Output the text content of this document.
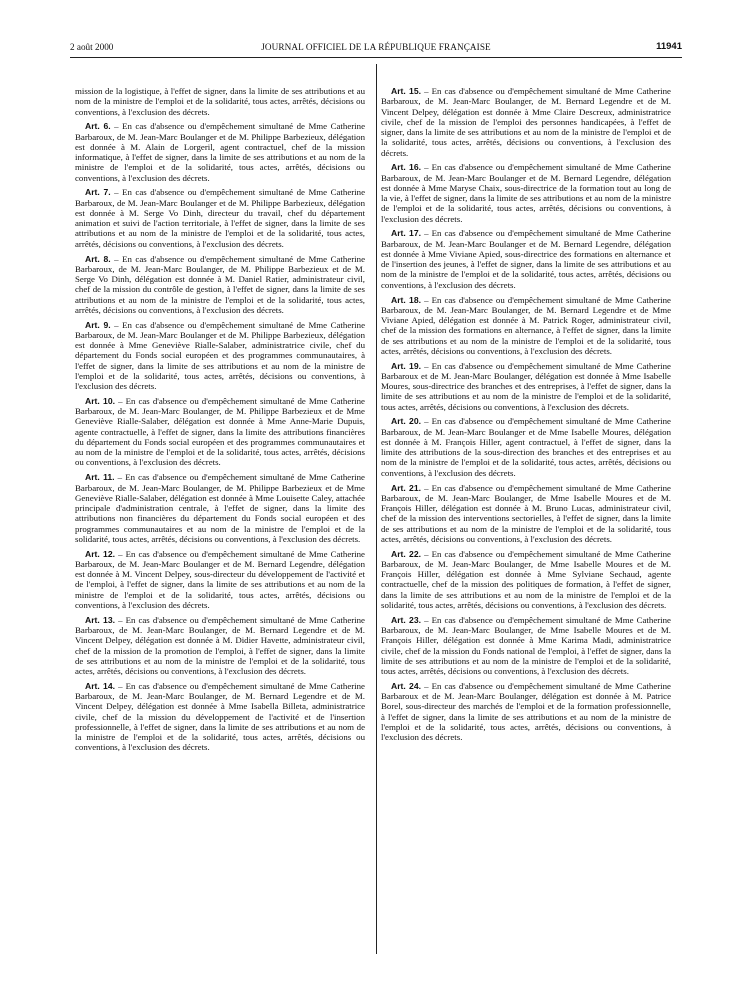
2 août 2000	JOURNAL OFFICIEL DE LA RÉPUBLIQUE FRANÇAISE	11941

mission de la logistique, à l'effet de signer, dans la limite de ses attributions et au nom de la ministre de l'emploi et de la solidarité, tous actes, arrêtés, décisions ou conventions, à l'exclusion des décrets.

Art. 6. – En cas d'absence ou d'empêchement simultané de Mme Catherine Barbaroux, de M. Jean-Marc Boulanger et de M. Philippe Barbezieux, délégation est donnée à M. Alain de Lorgeril, agent contractuel, chef de la mission informatique, à l'effet de signer, dans la limite de ses attributions et au nom de la ministre de l'emploi et de la solidarité, tous actes, arrêtés, décisions ou conventions, à l'exclusion des décrets.

Art. 7. – En cas d'absence ou d'empêchement simultané de Mme Catherine Barbaroux, de M. Jean-Marc Boulanger et de M. Philippe Barbezieux, délégation est donnée à M. Serge Vo Dinh, directeur du travail, chef du département animation et suivi de l'action territoriale, à l'effet de signer, dans la limite de ses attributions et au nom de la ministre de l'emploi et de la solidarité, tous actes, arrêtés, décisions ou conventions, à l'exclusion des décrets.

Art. 8. – En cas d'absence ou d'empêchement simultané de Mme Catherine Barbaroux, de M. Jean-Marc Boulanger, de M. Philippe Barbezieux et de M. Serge Vo Dinh, délégation est donnée à M. Daniel Ratier, administrateur civil, chef de la mission du contrôle de gestion, à l'effet de signer, dans la limite de ses attributions et au nom de la ministre de l'emploi et de la solidarité, tous actes, arrêtés, décisions ou conventions, à l'exclusion des décrets.

Art. 9. – En cas d'absence ou d'empêchement simultané de Mme Catherine Barbaroux, de M. Jean-Marc Boulanger et de M. Philippe Barbezieux, délégation est donnée à Mme Geneviève Rialle-Salaber, administratrice civile, chef du département du Fonds social européen et des programmes communautaires, à l'effet de signer, dans la limite de ses attributions et au nom de la ministre de l'emploi et de la solidarité, tous actes, arrêtés, décisions ou conventions, à l'exclusion des décrets.

Art. 10. – En cas d'absence ou d'empêchement simultané de Mme Catherine Barbaroux, de M. Jean-Marc Boulanger, de M. Philippe Barbezieux et de Mme Geneviève Rialle-Salaber, délégation est donnée à Mme Anne-Marie Dupuis, agente contractuelle, à l'effet de signer, dans la limite des attributions financières du département du Fonds social européen et des programmes communautaires et au nom de la ministre de l'emploi et de la solidarité, tous actes, arrêtés, décisions ou conventions, à l'exclusion des décrets.

Art. 11. – En cas d'absence ou d'empêchement simultané de Mme Catherine Barbaroux, de M. Jean-Marc Boulanger, de M. Philippe Barbezieux et de Mme Geneviève Rialle-Salaber, délégation est donnée à Mme Louisette Caley, attachée principale d'administration centrale, à l'effet de signer, dans la limite des attributions non financières du département du Fonds social européen et des programmes communautaires et au nom de la ministre de l'emploi et de la solidarité, tous actes, arrêtés, décisions ou conventions, à l'exclusion des décrets.

Art. 12. – En cas d'absence ou d'empêchement simultané de Mme Catherine Barbaroux, de M. Jean-Marc Boulanger et de M. Bernard Legendre, délégation est donnée à M. Vincent Delpey, sous-directeur du développement de l'activité et de l'emploi, à l'effet de signer, dans la limite de ses attributions et au nom de la ministre de l'emploi et de la solidarité, tous actes, arrêtés, décisions ou conventions, à l'exclusion des décrets.

Art. 13. – En cas d'absence ou d'empêchement simultané de Mme Catherine Barbaroux, de M. Jean-Marc Boulanger, de M. Bernard Legendre et de M. Vincent Delpey, délégation est donnée à M. Didier Havette, administrateur civil, chef de la mission de la promotion de l'emploi, à l'effet de signer, dans la limite de ses attributions et au nom de la ministre de l'emploi et de la solidarité, tous actes, arrêtés, décisions ou conventions, à l'exclusion des décrets.

Art. 14. – En cas d'absence ou d'empêchement simultané de Mme Catherine Barbaroux, de M. Jean-Marc Boulanger, de M. Bernard Legendre et de M. Vincent Delpey, délégation est donnée à Mme Isabella Billeta, administratrice civile, chef de la mission du développement de l'activité et de l'insertion professionnelle, à l'effet de signer, dans la limite de ses attributions et au nom de la ministre de l'emploi et de la solidarité, tous actes, arrêtés, décisions ou conventions, à l'exclusion des décrets.

Art. 15. – En cas d'absence ou d'empêchement simultané de Mme Catherine Barbaroux, de M. Jean-Marc Boulanger, de M. Bernard Legendre et de M. Vincent Delpey, délégation est donnée à Mme Claire Descreux, administratrice civile, chef de la mission de l'emploi des personnes handicapées, à l'effet de signer, dans la limite de ses attributions et au nom de la ministre de l'emploi et de la solidarité, tous actes, arrêtés, décisions ou conventions, à l'exclusion des décrets.

Art. 16. – En cas d'absence ou d'empêchement simultané de Mme Catherine Barbaroux, de M. Jean-Marc Boulanger et de M. Bernard Legendre, délégation est donnée à Mme Maryse Chaix, sous-directrice de la formation tout au long de la vie, à l'effet de signer, dans la limite de ses attributions et au nom de la ministre de l'emploi et de la solidarité, tous actes, arrêtés, décisions ou conventions, à l'exclusion des décrets.

Art. 17. – En cas d'absence ou d'empêchement simultané de Mme Catherine Barbaroux, de M. Jean-Marc Boulanger et de M. Bernard Legendre, délégation est donnée à Mme Viviane Apied, sous-directrice des formations en alternance et de l'insertion des jeunes, à l'effet de signer, dans la limite de ses attributions et au nom de la ministre de l'emploi et de la solidarité, tous actes, arrêtés, décisions ou conventions, à l'exclusion des décrets.

Art. 18. – En cas d'absence ou d'empêchement simultané de Mme Catherine Barbaroux, de M. Jean-Marc Boulanger, de M. Bernard Legendre et de Mme Viviane Apied, délégation est donnée à M. Patrick Roger, administrateur civil, chef de la mission des formations en alternance, à l'effet de signer, dans la limite de ses attributions et au nom de la ministre de l'emploi et de la solidarité, tous actes, arrêtés, décisions ou conventions, à l'exclusion des décrets.

Art. 19. – En cas d'absence ou d'empêchement simultané de Mme Catherine Barbaroux et de M. Jean-Marc Boulanger, délégation est donnée à Mme Isabelle Moures, sous-directrice des branches et des entreprises, à l'effet de signer, dans la limite de ses attributions et au nom de la ministre de l'emploi et de la solidarité, tous actes, arrêtés, décisions ou conventions, à l'exclusion des décrets.

Art. 20. – En cas d'absence ou d'empêchement simultané de Mme Catherine Barbaroux, de M. Jean-Marc Boulanger et de Mme Isabelle Moures, délégation est donnée à M. François Hiller, agent contractuel, à l'effet de signer, dans la limite des attributions de la sous-direction des branches et des entreprises et au nom de la ministre de l'emploi et de la solidarité, tous actes, arrêtés, décisions ou conventions, à l'exclusion des décrets.

Art. 21. – En cas d'absence ou d'empêchement simultané de Mme Catherine Barbaroux, de M. Jean-Marc Boulanger, de Mme Isabelle Moures et de M. François Hiller, délégation est donnée à M. Bruno Lucas, administrateur civil, chef de la mission des interventions sectorielles, à l'effet de signer, dans la limite de ses attributions et au nom de la ministre de l'emploi et de la solidarité, tous actes, arrêtés, décisions ou conventions, à l'exclusion des décrets.

Art. 22. – En cas d'absence ou d'empêchement simultané de Mme Catherine Barbaroux, de M. Jean-Marc Boulanger, de Mme Isabelle Moures et de M. François Hiller, délégation est donnée à Mme Sylviane Sechaud, agente contractuelle, chef de la mission des politiques de formation, à l'effet de signer, dans la limite de ses attributions et au nom de la ministre de l'emploi et de la solidarité, tous actes, arrêtés, décisions ou conventions, à l'exclusion des décrets.

Art. 23. – En cas d'absence ou d'empêchement simultané de Mme Catherine Barbaroux, de M. Jean-Marc Boulanger, de Mme Isabelle Moures et de M. François Hiller, délégation est donnée à Mme Karima Madi, administratrice civile, chef de la mission du Fonds national de l'emploi, à l'effet de signer, dans la limite de ses attributions et au nom de la ministre de l'emploi et de la solidarité, tous actes, arrêtés, décisions ou conventions, à l'exclusion des décrets.

Art. 24. – En cas d'absence ou d'empêchement simultané de Mme Catherine Barbaroux et de M. Jean-Marc Boulanger, délégation est donnée à M. Patrice Borel, sous-directeur des marchés de l'emploi et de la formation professionnelle, à l'effet de signer, dans la limite de ses attributions et au nom de la ministre de l'emploi et de la solidarité, tous actes, arrêtés, décisions ou conventions, à l'exclusion des décrets.
